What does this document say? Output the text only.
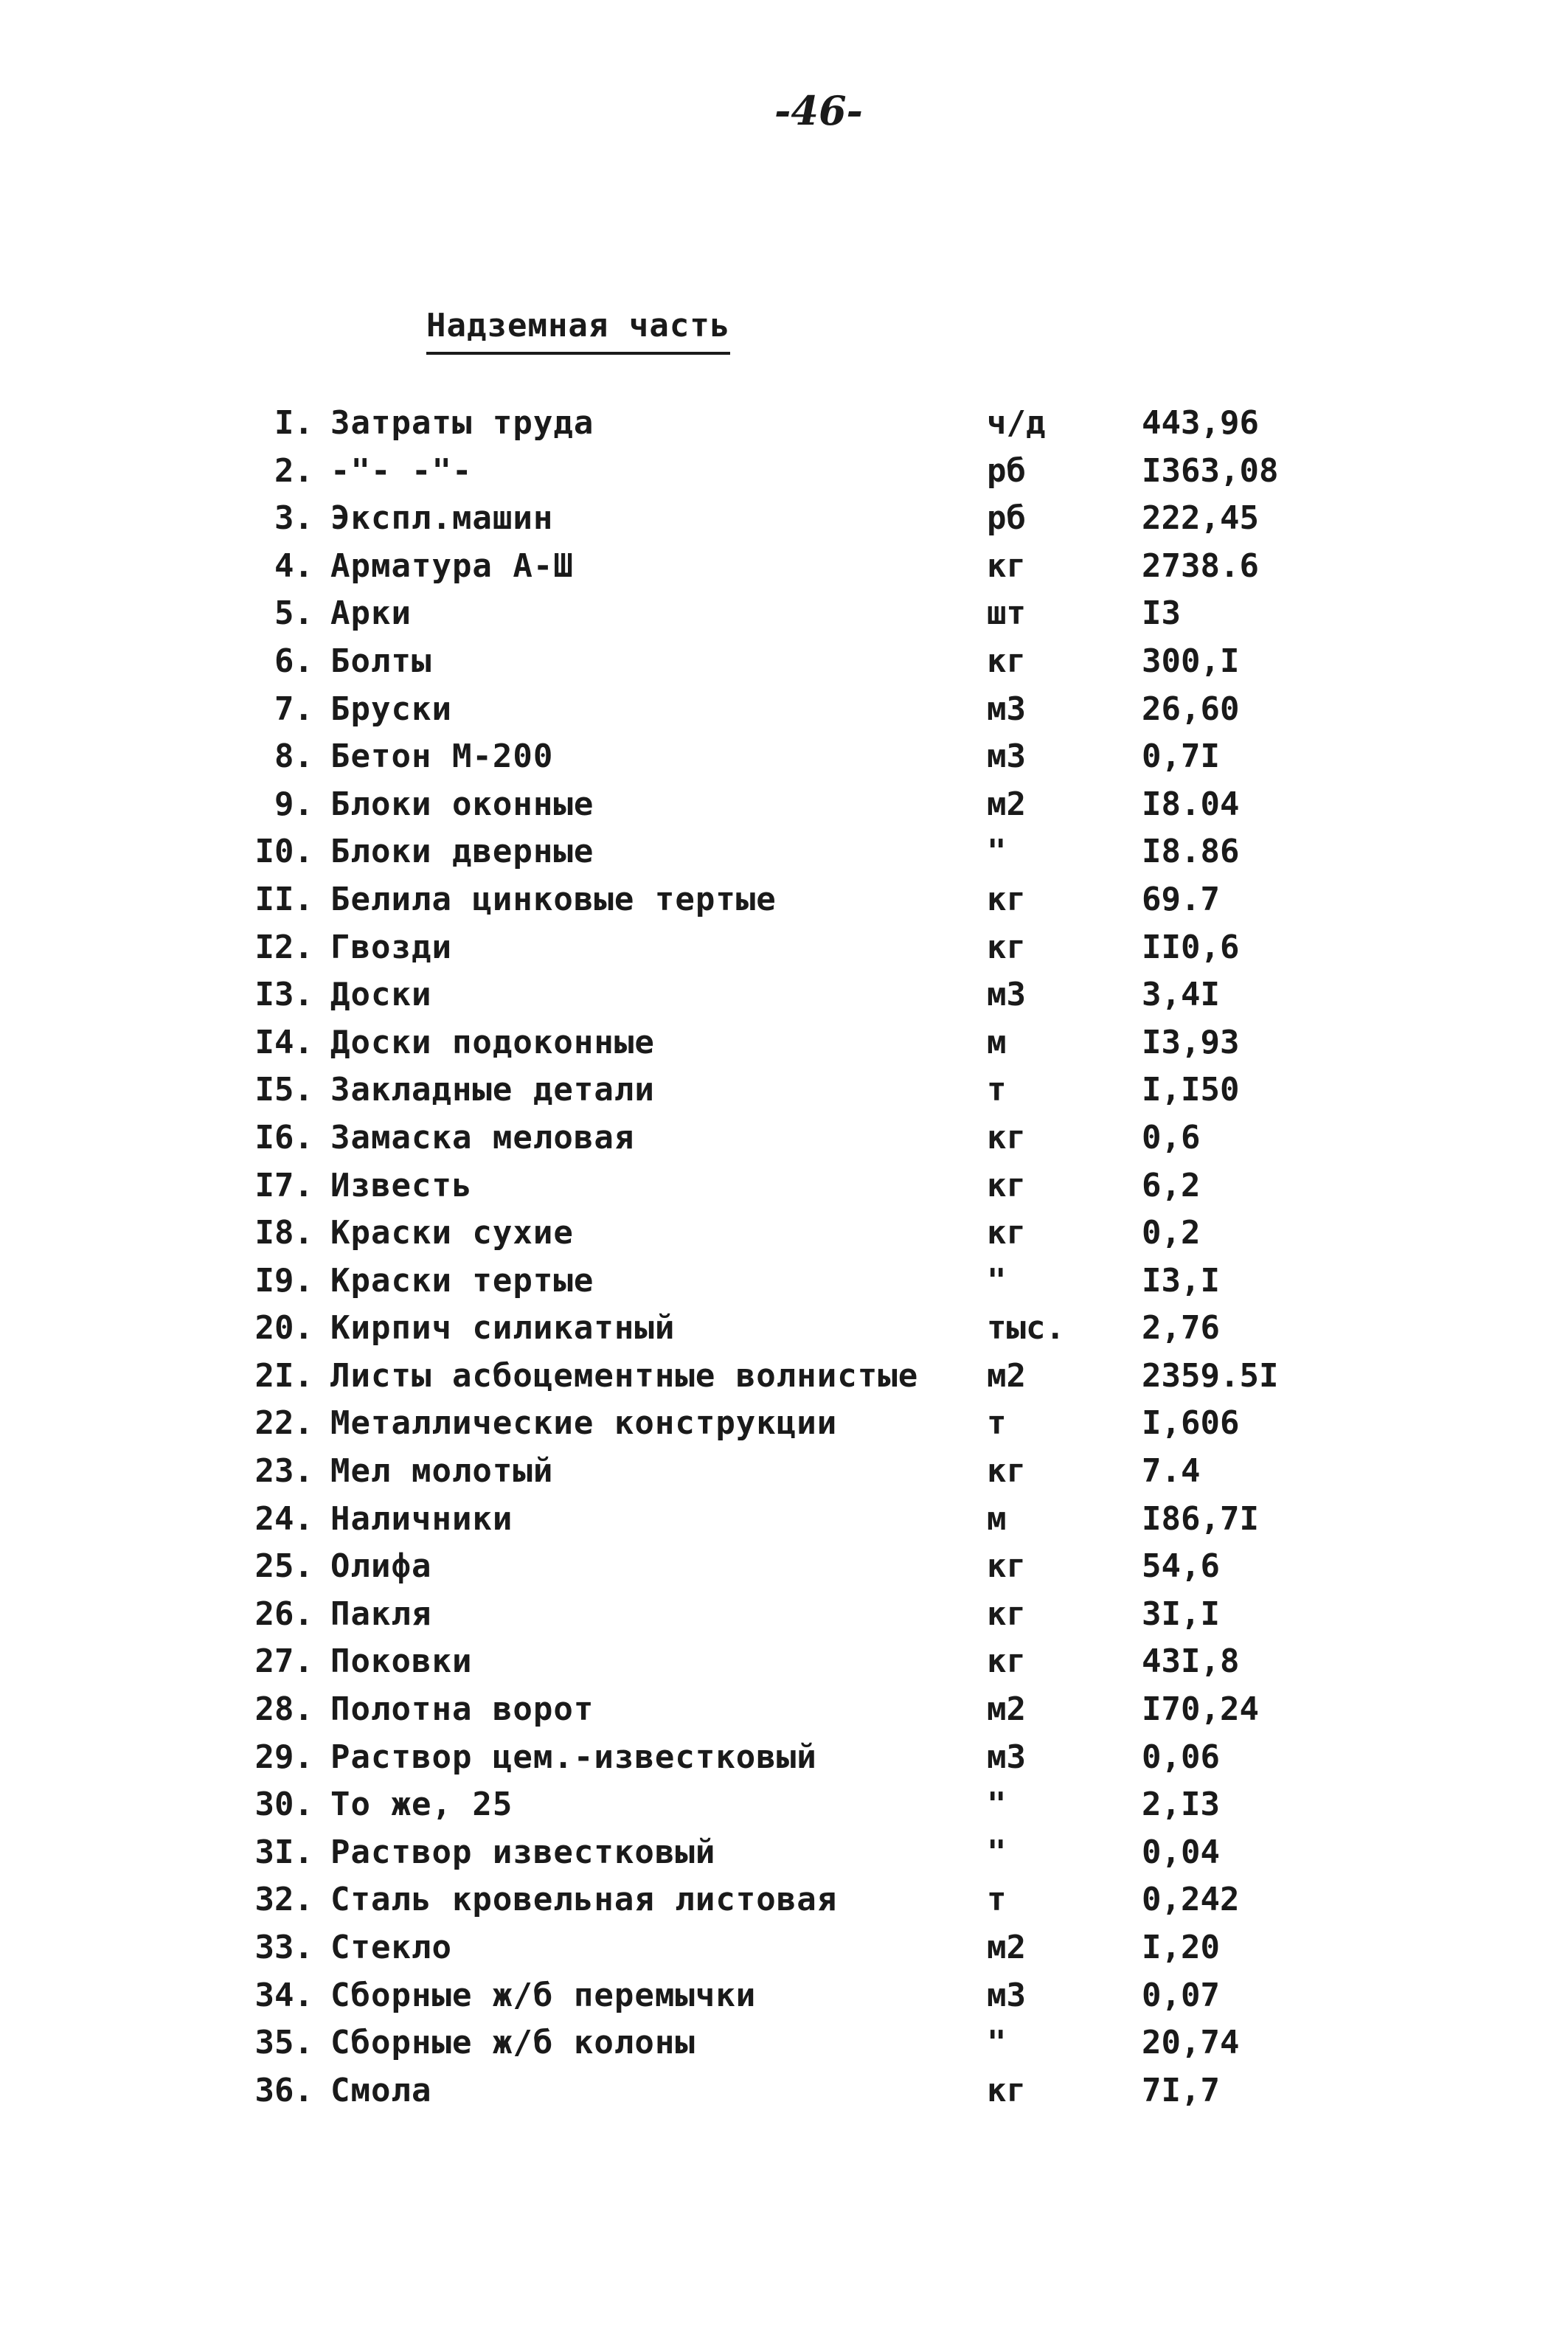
-46-
Надземная часть
I. Затраты труда	ч/д	443,96
2. -"- -"-	рб	I363,08
3. Экспл.машин	рб	222,45
4. Арматура А-Ш	кг	2738.6
5. Арки	шт	I3
6. Болты	кг	300,I
7. Бруски	м3	26,60
8. Бетон М-200	м3	0,7I
9. Блоки оконные	м2	I8.04
I0. Блоки дверные	"	I8.86
II. Белила цинковые тертые	кг	69.7
I2. Гвозди	кг	II0,6
I3. Доски	м3	3,4I
I4. Доски подоконные	м	I3,93
I5. Закладные детали	т	I,I50
I6. Замаска меловая	кг	0,6
I7. Известь	кг	6,2
I8. Краски сухие	кг	0,2
I9. Краски тертые	"	I3,I
20. Кирпич силикатный	тыс. 2,76
2I. Листы асбоцементные волнистые м2	2359.5I
22. Металлические конструкции	т	I,606
23. Мел молотый	кг	7.4
24. Наличники	м	I86,7I
25. Олифа	кг	54,6
26. Пакля	кг	3I,I
27. Поковки	кг	43I,8
28. Полотна ворот	м2	I70,24
29. Раствор цем.-известковый	м3	0,06
30. То же, 25	"	2,I3
3I. Раствор известковый	"	0,04
32. Сталь кровельная листовая	т	0,242
33. Стекло	м2	I,20
34. Сборные ж/б перемычки	м3	0,07
35. Сборные ж/б колоны	"	20,74
36. Смола	кг	7I,7
